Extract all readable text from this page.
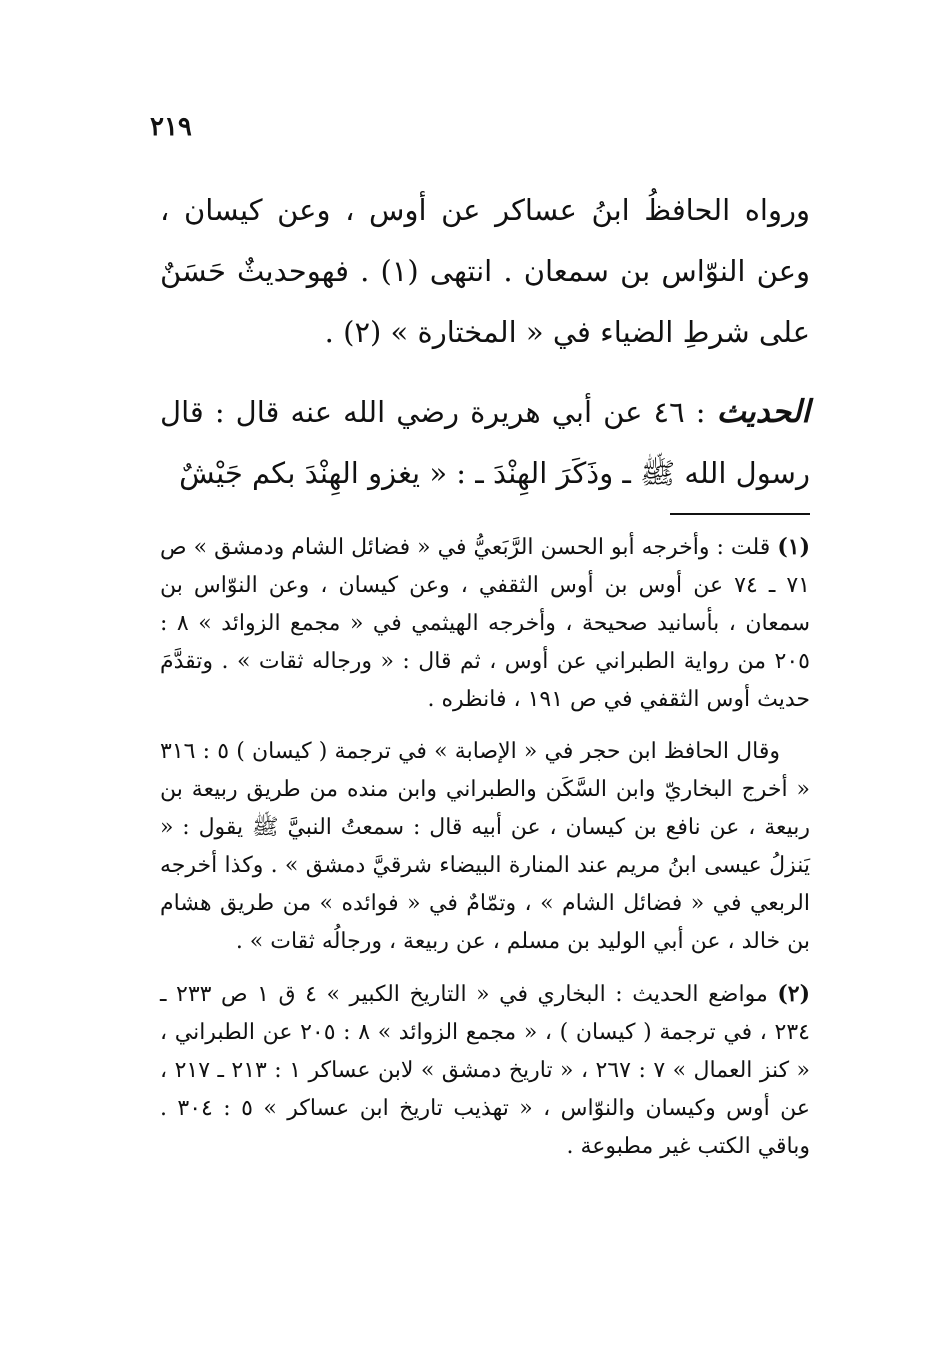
٢١٩
ورواه الحافظُ ابنُ عساكر عن أوس ، وعن كيسان ، وعن النوّاس بن سمعان . انتهى (١) . فهوحديثٌ حَسَنٌ على شرطِ الضياء في « المختارة » (٢) .
الحديث : ٤٦ عن أبي هريرة رضي الله عنه قال : قال رسول الله ﷺ ـ وذَكَرَ الهِنْدَ ـ : « يغزو الهِنْدَ بكم جَيْشٌ

(١) قلت : وأخرجه أبو الحسن الرَّبَعيُّ في « فضائل الشام ودمشق » ص ٧١ ـ ٧٤ عن أوس بن أوس الثقفي ، وعن كيسان ، وعن النوّاس بن سمعان ، بأسانيد صحيحة ، وأخرجه الهيثمي في « مجمع الزوائد » ٨ : ٢٠٥ من رواية الطبراني عن أوس ، ثم قال : « ورجاله ثقات » . وتقدَّمَ حديث أوس الثقفي في ص ١٩١ ، فانظره .

وقال الحافظ ابن حجر في « الإصابة » في ترجمة ( كيسان ) ٥ : ٣١٦ « أخرج البخاريّ وابن السَّكَن والطبراني وابن منده من طريق ربيعة بن ربيعة ، عن نافع بن كيسان ، عن أبيه قال : سمعتُ النبيَّ ﷺ يقول : « يَنزلُ عيسى ابنُ مريم عند المنارة البيضاء شرقيَّ دمشق » . وكذا أخرجه الربعي في « فضائل الشام » ، وتمّامٌ في « فوائده » من طريق هشام بن خالد ، عن أبي الوليد بن مسلم ، عن ربيعة ، ورجالُه ثقات » .

(٢) مواضع الحديث : البخاري في « التاريخ الكبير » ٤ ق ١ ص ٢٣٣ ـ ٢٣٤ ، في ترجمة ( كيسان ) ، « مجمع الزوائد » ٨ : ٢٠٥ عن الطبراني ، « كنز العمال » ٧ : ٢٦٧ ، « تاريخ دمشق » لابن عساكر ١ : ٢١٣ ـ ٢١٧ ، عن أوس وكيسان والنوّاس ، « تهذيب تاريخ ابن عساكر » ٥ : ٣٠٤ . وباقي الكتب غير مطبوعة .
